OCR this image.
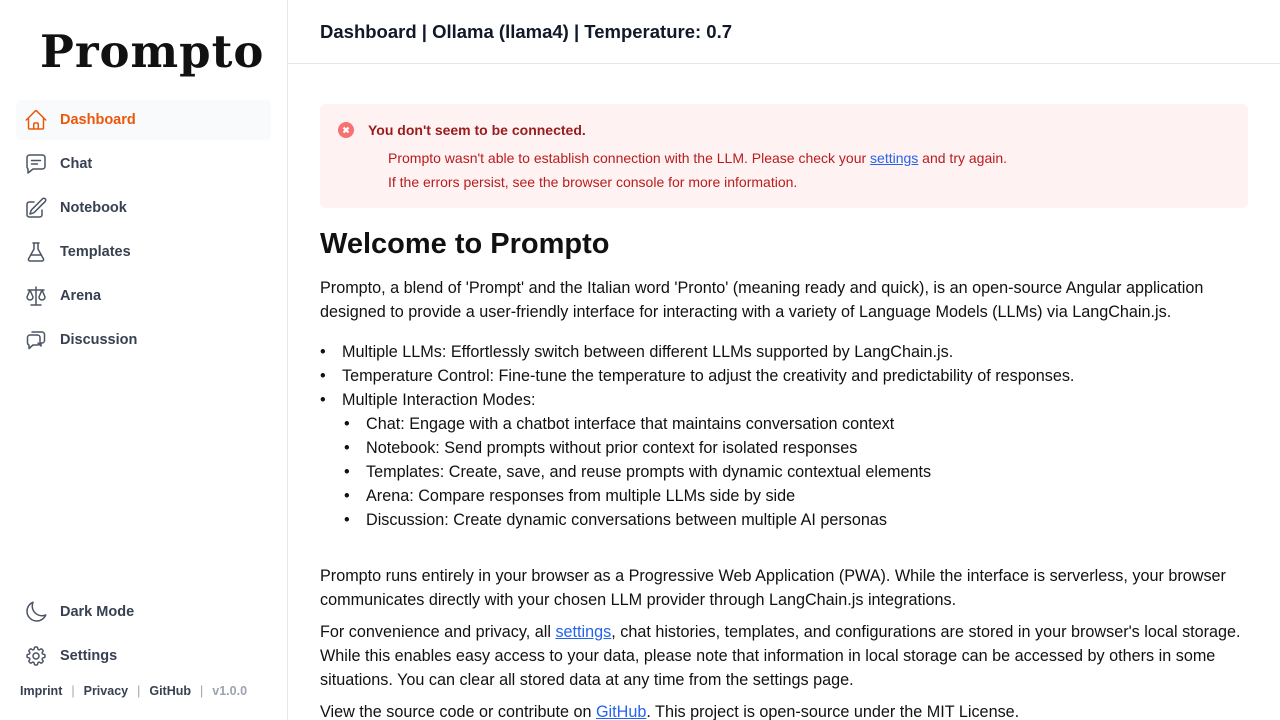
Prompto
Dashboard
Chat
Notebook
Templates
Arena
Discussion
Dark Mode
Settings
Imprint | Privacy | GitHub | v1.0.0
Dashboard | Ollama (llama4) | Temperature: 0.7
You don't seem to be connected.
Prompto wasn't able to establish connection with the LLM. Please check your settings and try again.
If the errors persist, see the browser console for more information.
Welcome to Prompto

Prompto, a blend of 'Prompt' and the Italian word 'Pronto' (meaning ready and quick), is an open-source Angular application designed to provide a user-friendly interface for interacting with a variety of Language Models (LLMs) via LangChain.js.

• Multiple LLMs: Effortlessly switch between different LLMs supported by LangChain.js.
• Temperature Control: Fine-tune the temperature to adjust the creativity and predictability of responses.
• Multiple Interaction Modes:
• Chat: Engage with a chatbot interface that maintains conversation context
• Notebook: Send prompts without prior context for isolated responses
• Templates: Create, save, and reuse prompts with dynamic contextual elements
• Arena: Compare responses from multiple LLMs side by side
• Discussion: Create dynamic conversations between multiple AI personas

Prompto runs entirely in your browser as a Progressive Web Application (PWA). While the interface is serverless, your browser communicates directly with your chosen LLM provider through LangChain.js integrations.

For convenience and privacy, all settings, chat histories, templates, and configurations are stored in your browser's local storage. While this enables easy access to your data, please note that information in local storage can be accessed by others in some situations. You can clear all stored data at any time from the settings page.

View the source code or contribute on GitHub. This project is open-source under the MIT License.
